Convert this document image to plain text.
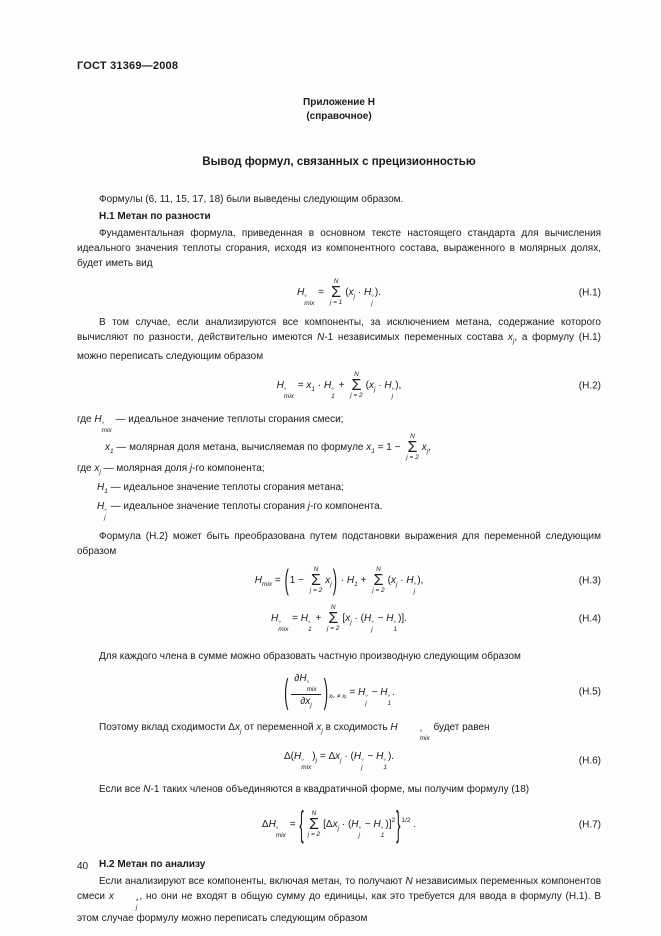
ГОСТ 31369—2008
Приложение Н
(справочное)
Вывод формул, связанных с прецизионностью

Формулы (6, 11, 15, 17, 18) были выведены следующим образом.

Н.1 Метан по разности

Фундаментальная формула, приведенная в основном тексте настоящего стандарта для вычисления идеального значения теплоты сгорания, исходя из компонентного состава, выраженного в молярных долях, будет иметь вид

H °
mix
=
N
Σ
j = 1
($x_j \cdot H$ °
j
).	(Н.1)

В том случае, если анализируются все компоненты, за исключением метана, содержание которого вычисляют по разности, действительно имеются N-1 независимых переменных состава $x_j$, а формулу (Н.1) можно переписать следующим образом

H °
mix
= $x_1 \cdot H$ °
1
+
N
Σ
j = 2
($x_j \cdot H$ °
j
),	(Н.2)

где H °
mix
— идеальное значение теплоты сгорания смеси;

$x_1$ — молярная доля метана, вычисляемая по формуле $x_1 = 1$ −
N
Σ
j = 2
$x_j$,

где $x_j$ — молярная доля j-го компонента;

$H_1$ — идеальное значение теплоты сгорания метана;

H °
j
— идеальное значение теплоты сгорания j-го компонента.

Формула (Н.2) может быть преобразована путем подстановки выражения для переменной следующим образом

$H_{mix} = (1$ −
N
Σ
j = 2
$x_j) \cdot H_1$ +
N
Σ
j = 2
($x_j \cdot H$ °
j
),	(Н.3)
H °
mix
= H °
1
+
N
Σ
j = 2
[$x_j \cdot (H$ °
j
− H °
1
)].	(Н.4)

Для каждого члена в сумме можно образовать частную производную следующим образом

( ∂H °
mix
$\partial x_j$ )$_{x_k \ne xⱼ} = H$ °
j
− H °
1
.	(Н.5)

Поэтому вклад сходимости $\Delta x_j$ от переменной $x_j$ в сходимость H	°
mix
будет равен

Δ(H °
mix
)$_j = \Delta x_j \cdot (H$ °
j
− H °
1
).	(Н.6)

Если все N-1 таких членов объединяются в квадратичной форме, мы получим формулу (18)

ΔH °
mix
= { N
Σ
j = 2
[$\Delta x_j \cdot (H$ °
j
− H °
1
)]$^2$}$^{1/2}$ .	(Н.7)

Н.2 Метан по анализу

Если анализируют все компоненты, включая метан, то получают N независимых переменных компонентов смеси x	*
j
, но они не входят в общую сумму до единицы, как это требуется для ввода в формулу (Н.1). В этом случае формулу можно переписать следующим образом

40
